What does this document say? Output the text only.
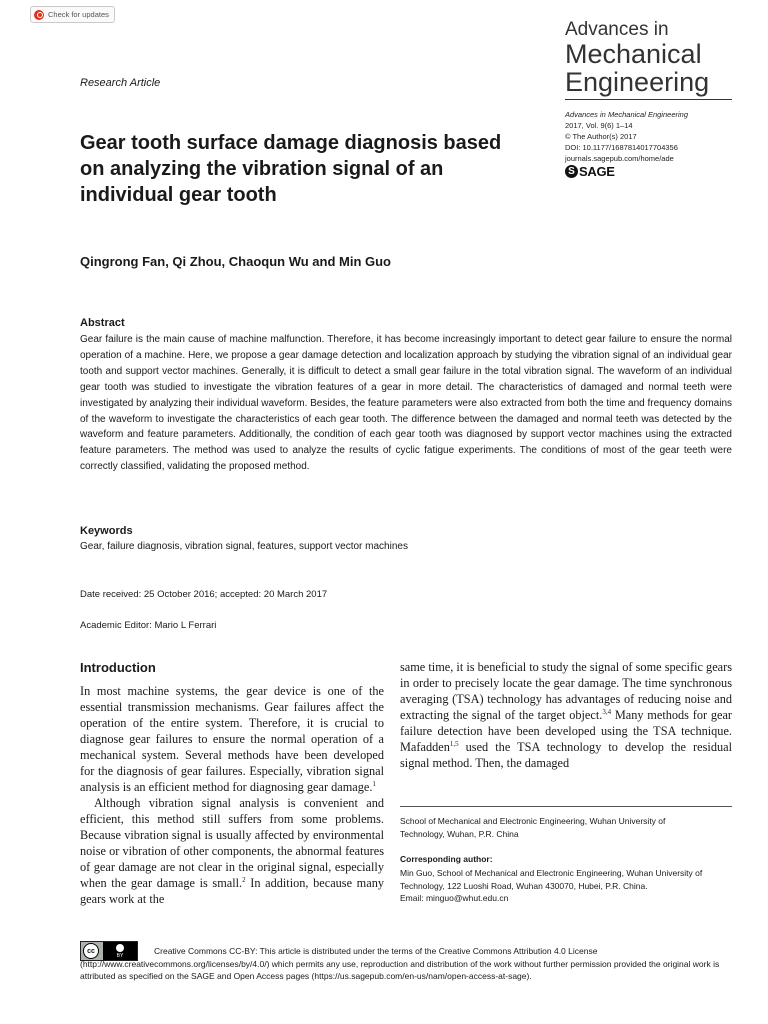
Check for updates
Advances in
Mechanical
Engineering
Research Article
Advances in Mechanical Engineering
2017, Vol. 9(6) 1–14
© The Author(s) 2017
DOI: 10.1177/1687814017704356
journals.sagepub.com/home/ade
S SAGE
Gear tooth surface damage diagnosis based on analyzing the vibration signal of an individual gear tooth
Qingrong Fan, Qi Zhou, Chaoqun Wu and Min Guo
Abstract

Gear failure is the main cause of machine malfunction. Therefore, it has become increasingly important to detect gear failure to ensure the normal operation of a machine. Here, we propose a gear damage detection and localization approach by studying the vibration signal of an individual gear tooth and support vector machines. Generally, it is difficult to detect a small gear failure in the total vibration signal. The waveform of an individual gear tooth was studied to investigate the vibration features of a gear in more detail. The characteristics of damaged and normal teeth were investigated by analyzing their individual waveform. Besides, the feature parameters were also extracted from both the time and frequency domains of the waveform to investigate the characteristics of each gear tooth. The difference between the damaged and normal teeth was detected by the waveform and feature parameters. Additionally, the condition of each gear tooth was diagnosed by support vector machines using the extracted feature parameters. The method was used to analyze the results of cyclic fatigue experiments. The conditions of most of the gear teeth were correctly classified, validating the proposed method.

Keywords
Gear, failure diagnosis, vibration signal, features, support vector machines
Date received: 25 October 2016; accepted: 20 March 2017
Academic Editor: Mario L Ferrari
Introduction

In most machine systems, the gear device is one of the essential transmission mechanisms. Gear failures affect the operation of the entire system. Therefore, it is crucial to diagnose gear failures to ensure the normal operation of a mechanical system. Several methods have been developed for the diagnosis of gear failures. Especially, vibration signal analysis is an efficient method for diagnosing gear damage.$^1$

Although vibration signal analysis is convenient and efficient, this method still suffers from some problems. Because vibration signal is usually affected by environmental noise or vibration of other components, the abnormal features of gear damage are not clear in the original signal, especially when the gear damage is small.$^2$ In addition, because many gears work at the

same time, it is beneficial to study the signal of some specific gears in order to precisely locate the gear damage. The time synchronous averaging (TSA) technology has advantages of reducing noise and extracting the signal of the target object.$^{3,4}$ Many methods for gear failure detection have been developed using the TSA technique. Mafadden$^{1,5}$ used the TSA technology to develop the residual signal method. Then, the damaged

School of Mechanical and Electronic Engineering, Wuhan University of Technology, Wuhan, P.R. China
Corresponding author:
Min Guo, School of Mechanical and Electronic Engineering, Wuhan University of Technology, 122 Luoshi Road, Wuhan 430070, Hubei, P.R. China.
Email: minguo@whut.edu.cn
cc
BY	Creative Commons CC-BY: This article is distributed under the terms of the Creative Commons Attribution 4.0 License (http://www.creativecommons.org/licenses/by/4.0/) which permits any use, reproduction and distribution of the work without further permission provided the original work is attributed as specified on the SAGE and Open Access pages (https://us.sagepub.com/en-us/nam/open-access-at-sage).
